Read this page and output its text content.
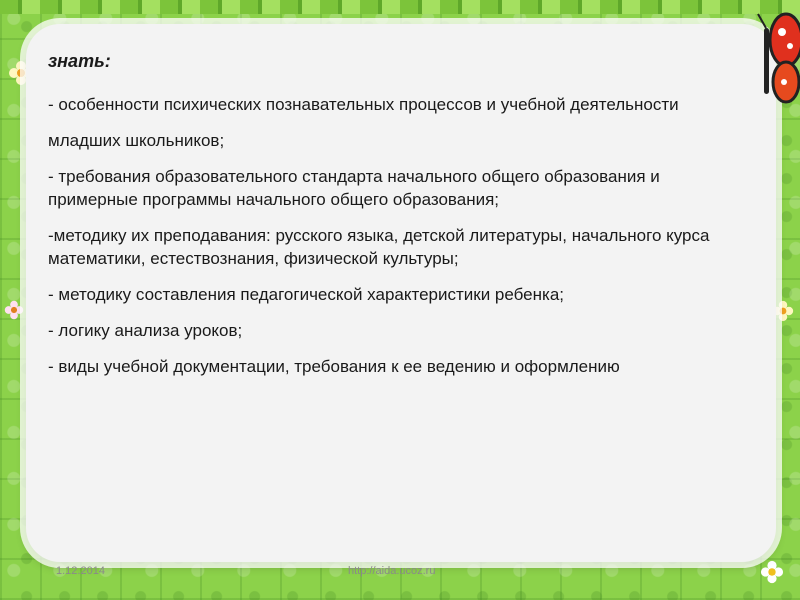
знать:

- особенности психических познавательных процессов и учебной деятельности

младших школьников;

- требования образовательного стандарта начального общего образования и примерные программы начального общего образования;

-методику их преподавания: русского языка, детской литературы, начального курса математики, естествознания, физической культуры;

- методику составления педагогической характеристики ребенка;

- логику анализа уроков;

- виды учебной документации, требования к ее ведению и оформлению

1.12.2014	http://aida.ucoz.ru
